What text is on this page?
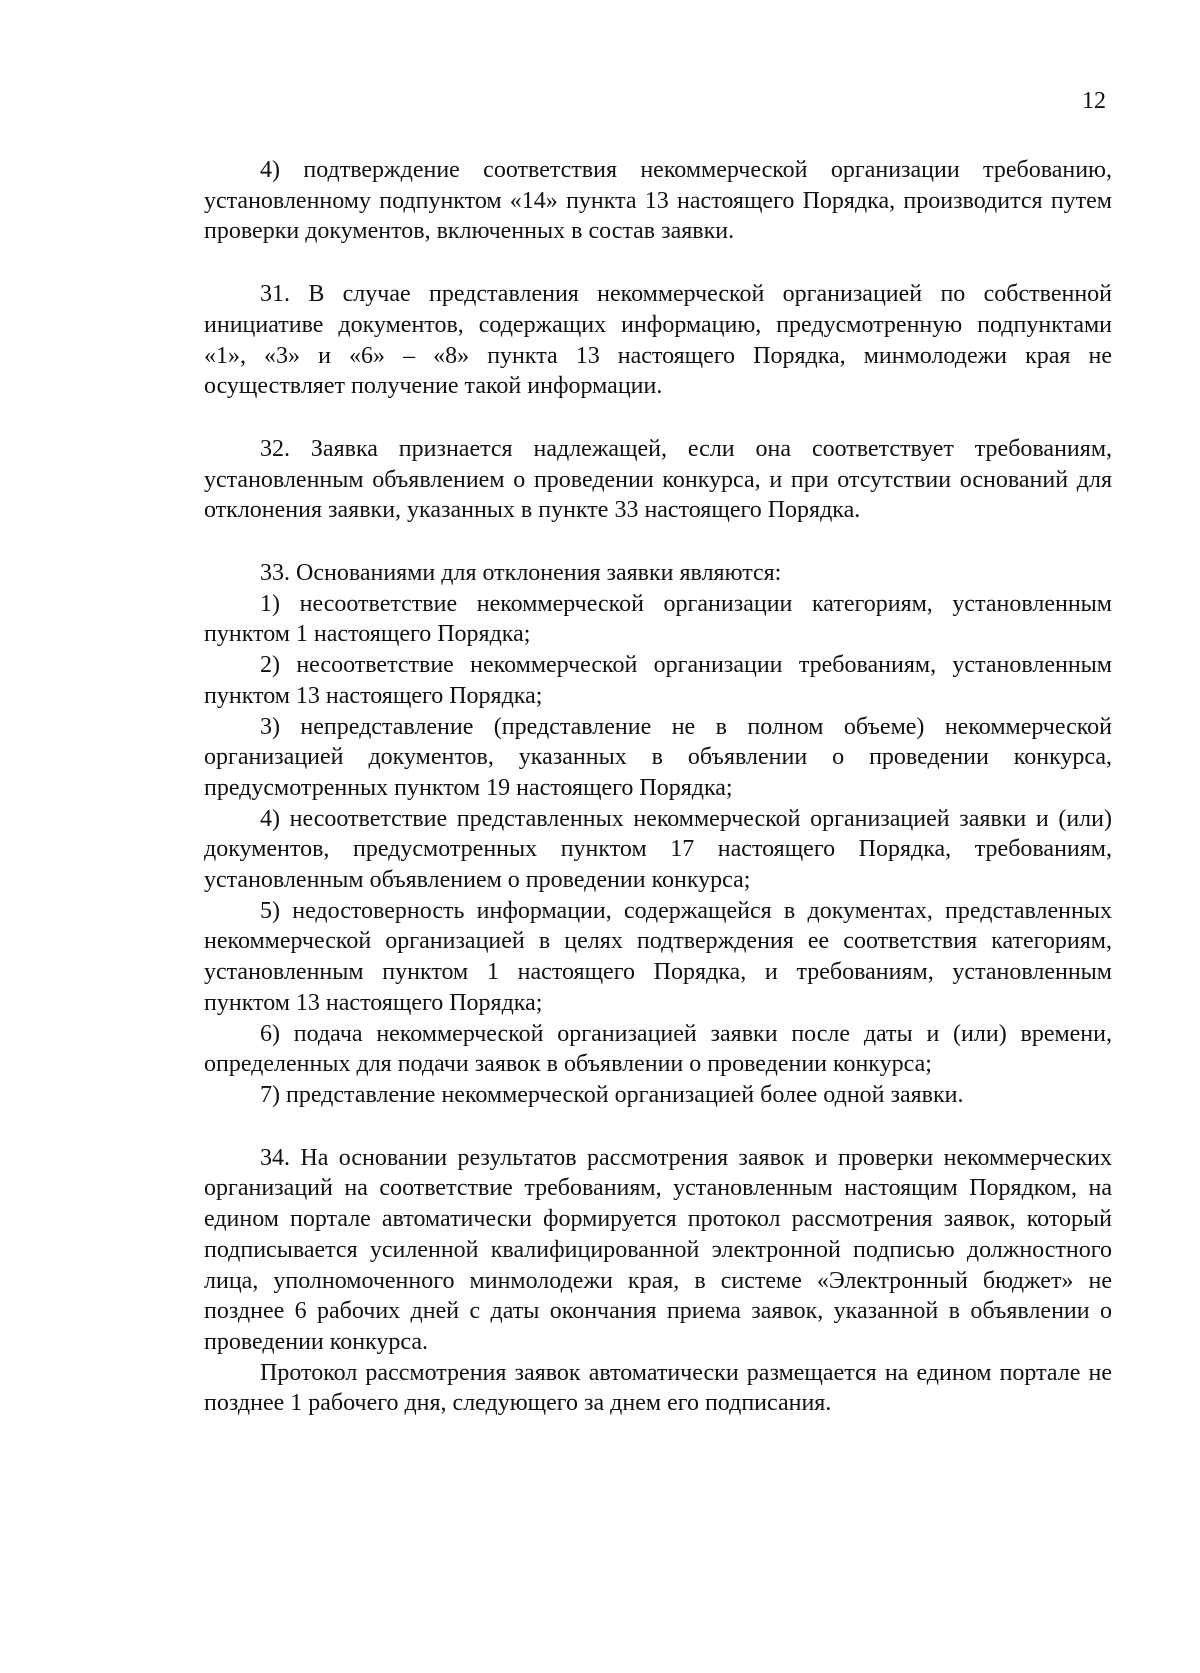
12

4) подтверждение соответствия некоммерческой организации требованию, установленному подпунктом «14» пункта 13 настоящего Порядка, производится путем проверки документов, включенных в состав заявки.

31. В случае представления некоммерческой организацией по собственной инициативе документов, содержащих информацию, предусмотренную подпунктами «1», «3» и «6» – «8» пункта 13 настоящего Порядка, минмолодежи края не осуществляет получение такой информации.

32. Заявка признается надлежащей, если она соответствует требованиям, установленным объявлением о проведении конкурса, и при отсутствии оснований для отклонения заявки, указанных в пункте 33 настоящего Порядка.

33. Основаниями для отклонения заявки являются:

1) несоответствие некоммерческой организации категориям, установленным пунктом 1 настоящего Порядка;

2) несоответствие некоммерческой организации требованиям, установленным пунктом 13 настоящего Порядка;

3) непредставление (представление не в полном объеме) некоммерческой организацией документов, указанных в объявлении о проведении конкурса, предусмотренных пунктом 19 настоящего Порядка;

4) несоответствие представленных некоммерческой организацией заявки и (или) документов, предусмотренных пунктом 17 настоящего Порядка, требованиям, установленным объявлением о проведении конкурса;

5) недостоверность информации, содержащейся в документах, представленных некоммерческой организацией в целях подтверждения ее соответствия категориям, установленным пунктом 1 настоящего Порядка, и требованиям, установленным пунктом 13 настоящего Порядка;

6) подача некоммерческой организацией заявки после даты и (или) времени, определенных для подачи заявок в объявлении о проведении конкурса;

7) представление некоммерческой организацией более одной заявки.

34. На основании результатов рассмотрения заявок и проверки некоммерческих организаций на соответствие требованиям, установленным настоящим Порядком, на едином портале автоматически формируется протокол рассмотрения заявок, который подписывается усиленной квалифицированной электронной подписью должностного лица, уполномоченного минмолодежи края, в системе «Электронный бюджет» не позднее 6 рабочих дней с даты окончания приема заявок, указанной в объявлении о проведении конкурса.

Протокол рассмотрения заявок автоматически размещается на едином портале не позднее 1 рабочего дня, следующего за днем его подписания.
